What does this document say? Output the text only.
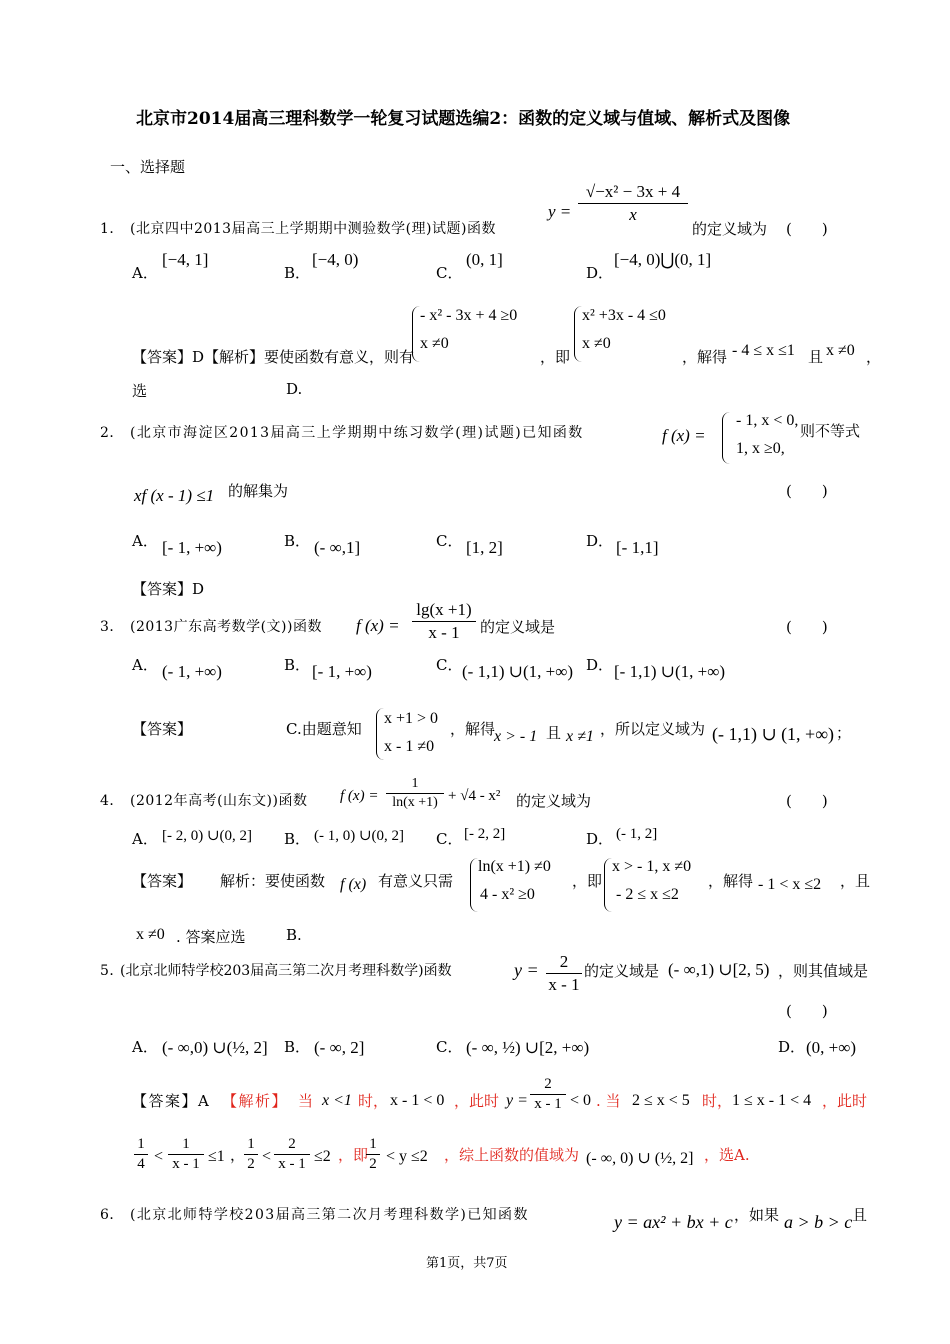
北京市2014届高三理科数学一轮复习试题选编2：函数的定义域与值域、解析式及图像
一、选择题
1． (北京四中2013届高三上学期期中测验数学(理)试题)函数
y =
√−x² − 3x + 4
x
的定义域为 (　　)
A．
[−4, 1]
B．
[−4, 0)
C．
(0, 1]
D．
[−4, 0)⋃(0, 1]
【答案】D【解析】要使函数有意义，则有
- x² - 3x + 4 ≥0
x ≠0
，即
x² +3x - 4 ≤0
x ≠0
，解得 - 4 ≤ x ≤1 且 x ≠0 ，
选	D.
2． (北京市海淀区2013届高三上学期期中练习数学(理)试题)已知函数	f (x) =
- 1, x < 0,
1, x ≥0,
则不等式
xf (x - 1) ≤1 的解集为	(　　)
A． [- 1, +∞)	B． (- ∞,1]	C． [1, 2]	D． [- 1,1]
【答案】D
3． (2013广东高考数学(文))函数 f (x) =
lg(x +1)
x - 1	的定义域是	(　　)
A． (- 1, +∞)	B． [- 1, +∞)	C． (- 1,1) ∪(1, +∞) D． [- 1,1) ∪(1, +∞)
【答案】	C.由题意知
x +1 > 0
x - 1 ≠0
，解得
x > - 1 且 x ≠1 ，所以定义域为 (- 1,1) ∪ (1, +∞) ；
4． (2012年高考(山东文))函数 f (x) =
1
ln(x +1) + √4 - x² 的定义域为	(　　)
A． [- 2, 0) ∪(0, 2] B． (- 1, 0) ∪(0, 2] C． [- 2, 2]	D． (- 1, 2]
【答案】 解析：要使函数 f (x) 有意义只需
ln(x +1) ≠0
4 - x² ≥0
，即
x > - 1, x ≠0
- 2 ≤ x ≤2
，解得 - 1 < x ≤2 ，且
x ≠0 . 答案应选	B.
5．
(北京北师特学校203届高三第二次月考理科数学)函数	y =	2
x - 1
的定义域是 (- ∞,1) ∪[2, 5) ，则其值域是
(　　)
A． (- ∞,0) ∪(½, 2] B． (- ∞, 2]	C． (- ∞, ½) ∪[2, +∞)	D． (0, +∞)
【答案】A 【解析】 当 x <1 时， x - 1 < 0 ，此时 y =
2
x - 1 < 0 . 当 2 ≤ x < 5 时， 1 ≤ x - 1 < 4 ，此时
1
4 <
1
x - 1 ≤1 ，
1
2 <
2
x - 1 ≤2 ，即
1
2 < y ≤2 ，综上函数的值域为 (- ∞, 0) ∪ (½, 2] ，选A.
6． (北京北师特学校203届高三第二次月考理科数学)已知函数	y = ax² + bx + c ，如果 a > b > c 且
第1页，共7页
